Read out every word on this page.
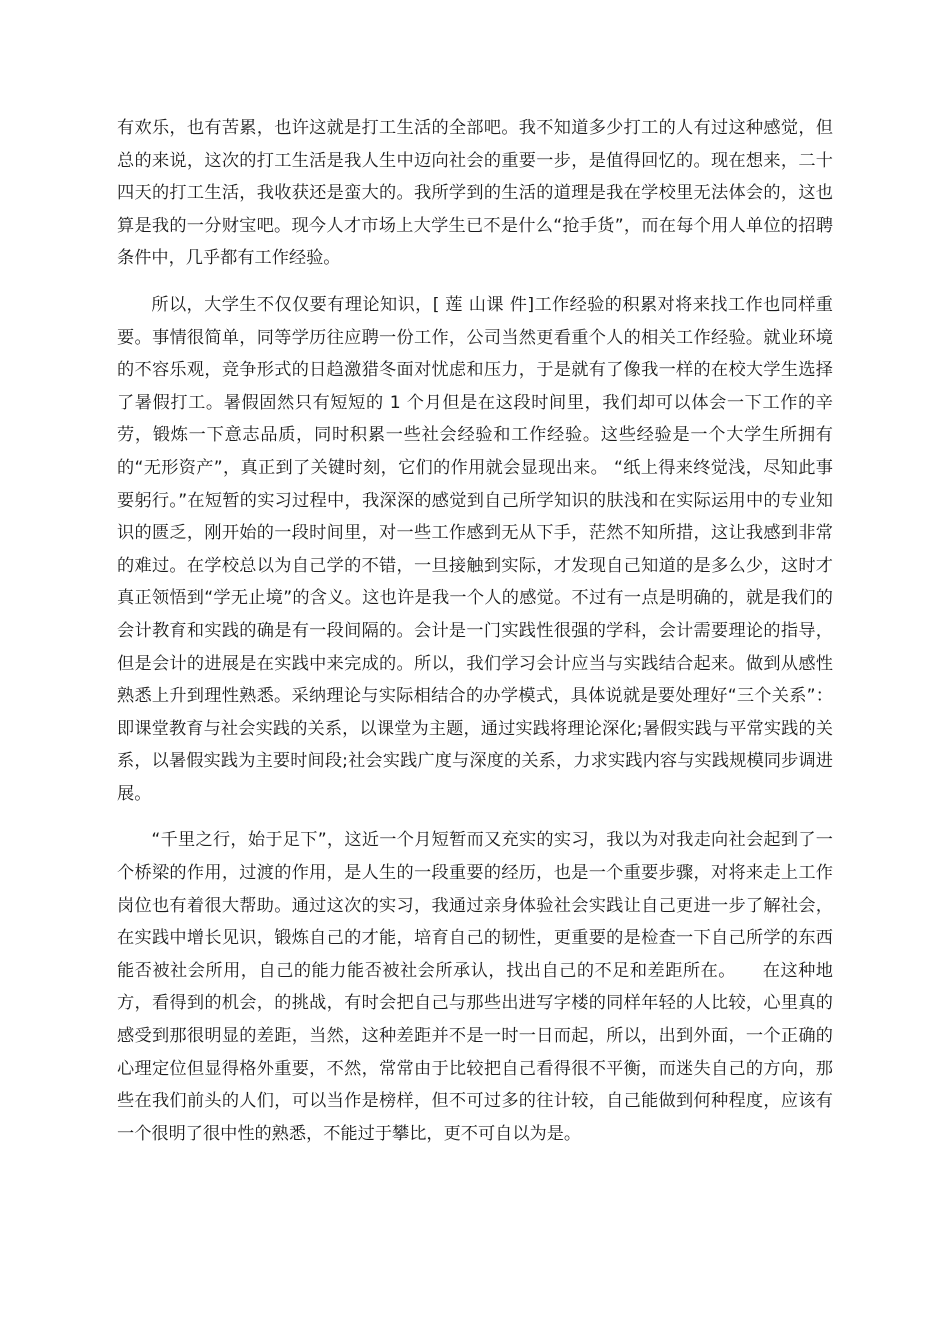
有欢乐，也有苦累，也许这就是打工生活的全部吧。我不知道多少打工的人有过这种感觉，但总的来说，这次的打工生活是我人生中迈向社会的重要一步，是值得回忆的。现在想来，二十四天的打工生活，我收获还是蛮大的。我所学到的生活的道理是我在学校里无法体会的，这也算是我的一分财宝吧。现今人才市场上大学生已不是什么“抢手货”，而在每个用人单位的招聘条件中，几乎都有工作经验。

所以，大学生不仅仅要有理论知识，[ 莲 山课 件]工作经验的积累对将来找工作也同样重要。事情很简单，同等学历往应聘一份工作，公司当然更看重个人的相关工作经验。就业环境的不容乐观，竞争形式的日趋激猎冬面对忧虑和压力，于是就有了像我一样的在校大学生选择了暑假打工。暑假固然只有短短的 1 个月但是在这段时间里，我们却可以体会一下工作的辛劳，锻炼一下意志品质，同时积累一些社会经验和工作经验。这些经验是一个大学生所拥有的“无形资产”，真正到了关键时刻，它们的作用就会显现出来。 “纸上得来终觉浅，尽知此事要躬行。”在短暂的实习过程中，我深深的感觉到自己所学知识的肤浅和在实际运用中的专业知识的匮乏，刚开始的一段时间里，对一些工作感到无从下手，茫然不知所措，这让我感到非常的难过。在学校总以为自己学的不错，一旦接触到实际，才发现自己知道的是多么少，这时才真正领悟到“学无止境”的含义。这也许是我一个人的感觉。不过有一点是明确的，就是我们的会计教育和实践的确是有一段间隔的。会计是一门实践性很强的学科，会计需要理论的指导，但是会计的进展是在实践中来完成的。所以，我们学习会计应当与实践结合起来。做到从感性熟悉上升到理性熟悉。采纳理论与实际相结合的办学模式，具体说就是要处理好“三个关系”：即课堂教育与社会实践的关系，以课堂为主题，通过实践将理论深化;暑假实践与平常实践的关系，以暑假实践为主要时间段;社会实践广度与深度的关系，力求实践内容与实践规模同步调进展。

“千里之行，始于足下”，这近一个月短暂而又充实的实习，我以为对我走向社会起到了一个桥梁的作用，过渡的作用，是人生的一段重要的经历，也是一个重要步骤，对将来走上工作岗位也有着很大帮助。通过这次的实习，我通过亲身体验社会实践让自己更进一步了解社会，在实践中增长见识，锻炼自己的才能，培育自己的韧性，更重要的是检查一下自己所学的东西能否被社会所用，自己的能力能否被社会所承认，找出自己的不足和差距所在。　　在这种地方，看得到的机会，的挑战，有时会把自己与那些出进写字楼的同样年轻的人比较，心里真的感受到那很明显的差距，当然，这种差距并不是一时一日而起，所以，出到外面，一个正确的心理定位但显得格外重要，不然，常常由于比较把自己看得很不平衡，而迷失自己的方向，那些在我们前头的人们，可以当作是榜样，但不可过多的往计较，自己能做到何种程度，应该有一个很明了很中性的熟悉，不能过于攀比，更不可自以为是。
